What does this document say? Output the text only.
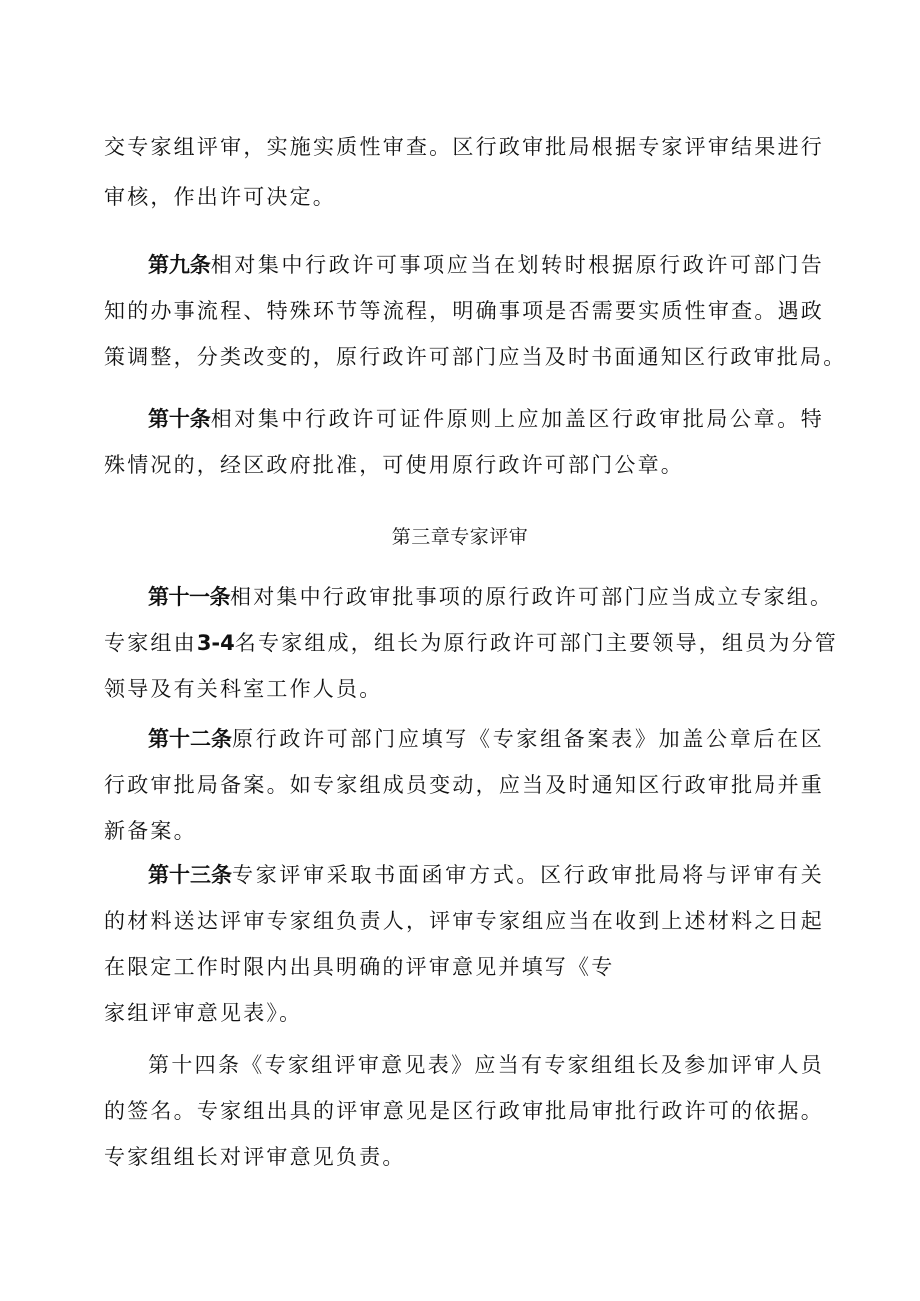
交专家组评审，实施实质性审查。区行政审批局根据专家评审结果进行
审核，作出许可决定。
第九条相对集中行政许可事项应当在划转时根据原行政许可部门告
知的办事流程、特殊环节等流程，明确事项是否需要实质性审查。遇政
策调整，分类改变的，原行政许可部门应当及时书面通知区行政审批局。
第十条相对集中行政许可证件原则上应加盖区行政审批局公章。特
殊情况的，经区政府批准，可使用原行政许可部门公章。
第三章专家评审
第十一条相对集中行政审批事项的原行政许可部门应当成立专家组。
专家组由3-4名专家组成，组长为原行政许可部门主要领导，组员为分管
领导及有关科室工作人员。
第十二条原行政许可部门应填写《专家组备案表》加盖公章后在区
行政审批局备案。如专家组成员变动，应当及时通知区行政审批局并重
新备案。
第十三条专家评审采取书面函审方式。区行政审批局将与评审有关
的材料送达评审专家组负责人，评审专家组应当在收到上述材料之日起
在限定工作时限内出具明确的评审意见并填写《专
家组评审意见表》。
第十四条《专家组评审意见表》应当有专家组组长及参加评审人员
的签名。专家组出具的评审意见是区行政审批局审批行政许可的依据。
专家组组长对评审意见负责。
